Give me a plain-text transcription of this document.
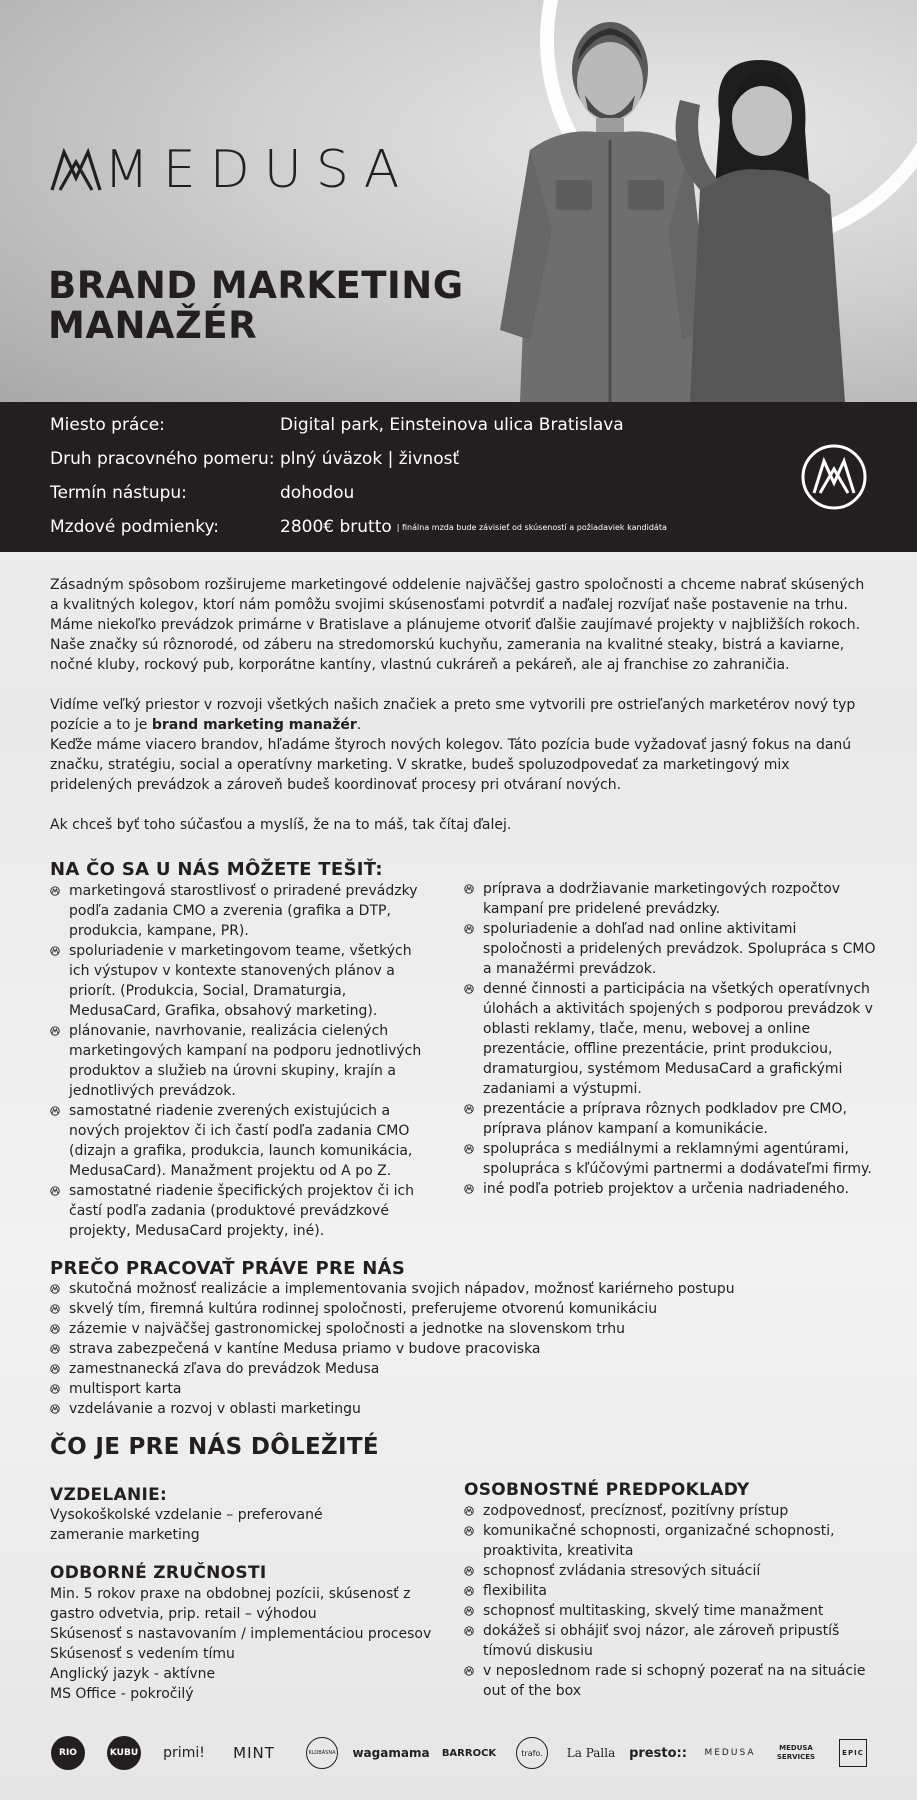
MEDUSA
BRAND MARKETING MANAŽÉR
Miesto práce:	Digital park, Einsteinova ulica Bratislava
Druh pracovného pomeru: plný úväzok | živnosť
Termín nástupu:	dohodou
Mzdové podmienky:	2800€ brutto | finálna mzda bude závisieť od skúseností a požiadaviek kandidáta

Zásadným spôsobom rozširujeme marketingové oddelenie najväčšej gastro spoločnosti a chceme nabrať skúsených a kvalitných kolegov, ktorí nám pomôžu svojimi skúsenosťami potvrdiť a naďalej rozvíjať naše postavenie na trhu. Máme niekoľko prevádzok primárne v Bratislave a plánujeme otvoriť ďalšie zaujímavé projekty v najbližších rokoch. Naše značky sú rôznorodé, od záberu na stredomorskú kuchyňu, zamerania na kvalitné steaky, bistrá a kaviarne, nočné kluby, rockový pub, korporátne kantíny, vlastnú cukráreň a pekáreň, ale aj franchise zo zahraničia.

Vidíme veľký priestor v rozvoji všetkých našich značiek a preto sme vytvorili pre ostrieľaných marketérov nový typ pozície a to je brand marketing manažér.

Keďže máme viacero brandov, hľadáme štyroch nových kolegov. Táto pozícia bude vyžadovať jasný fokus na danú značku, stratégiu, social a operatívny marketing. V skratke, budeš spoluzodpovedať za marketingový mix pridelených prevádzok a zároveň budeš koordinovať procesy pri otváraní nových.

Ak chceš byť toho súčasťou a myslíš, že na to máš, tak čítaj ďalej.

NA ČO SA U NÁS MÔŽETE TEŠIŤ:
marketingová starostlivosť o priradené prevádzky podľa zadania CMO a zverenia (grafika a DTP, produkcia, kampane, PR).
spoluriadenie v marketingovom teame, všetkých ich výstupov v kontexte stanovených plánov a priorít. (Produkcia, Social, Dramaturgia, MedusaCard, Grafika, obsahový marketing).
plánovanie, navrhovanie, realizácia cielených marketingových kampaní na podporu jednotlivých produktov a služieb na úrovni skupiny, krajín a jednotlivých prevádzok.
samostatné riadenie zverených existujúcich a nových projektov či ich častí podľa zadania CMO (dizajn a grafika, produkcia, launch komunikácia, MedusaCard). Manažment projektu od A po Z.
samostatné riadenie špecifických projektov či ich častí podľa zadania (produktové prevádzkové projekty, MedusaCard projekty, iné).
príprava a dodržiavanie marketingových rozpočtov kampaní pre pridelené prevádzky.
spoluriadenie a dohľad nad online aktivitami spoločnosti a pridelených prevádzok. Spolupráca s CMO a manažérmi prevádzok.
denné činnosti a participácia na všetkých operatívnych úlohách a aktivitách spojených s podporou prevádzok v oblasti reklamy, tlače, menu, webovej a online prezentácie, offline prezentácie, print produkciou, dramaturgiou, systémom MedusaCard a grafickými zadaniami a výstupmi.
prezentácie a príprava rôznych podkladov pre CMO, príprava plánov kampaní a komunikácie.
spolupráca s mediálnymi a reklamnými agentúrami, spolupráca s kľúčovými partnermi a dodávateľmi firmy.
iné podľa potrieb projektov a určenia nadriadeného.
PREČO PRACOVAŤ PRÁVE PRE NÁS
skutočná možnosť realizácie a implementovania svojich nápadov, možnosť kariérneho postupu
skvelý tím, firemná kultúra rodinnej spoločnosti, preferujeme otvorenú komunikáciu
zázemie v najväčšej gastronomickej spoločnosti a jednotke na slovenskom trhu
strava zabezpečená v kantíne Medusa priamo v budove pracoviska
zamestnanecká zľava do prevádzok Medusa
multisport karta
vzdelávanie a rozvoj v oblasti marketingu
ČO JE PRE NÁS DÔLEŽITÉ
VZDELANIE:

Vysokoškolské vzdelanie – preferované zameranie marketing

ODBORNÉ ZRUČNOSTI
Min. 5 rokov praxe na obdobnej pozícii, skúsenosť z gastro odvetvia, prip. retail – výhodou
Skúsenosť s nastavovaním / implementáciou procesov
Skúsenosť s vedením tímu
Anglický jazyk - aktívne
MS Office - pokročilý
OSOBNOSTNÉ PREDPOKLADY
zodpovednosť, precíznosť, pozitívny prístup
komunikačné schopnosti, organizačné schopnosti, proaktivita, kreativita
schopnosť zvládania stresových situácií
flexibilita
schopnosť multitasking, skvelý time manažment
dokážeš si obhájiť svoj názor, ale zároveň pripustíš tímovú diskusiu
v neposlednom rade si schopný pozerať na na situácie out of the box
RIO	KUBU primi! MINT	KLOBÁSNA wagamama BARROCK	trafo.	La Palla presto:: MEDUSA	MEDUSA SERVICES	EPIC
